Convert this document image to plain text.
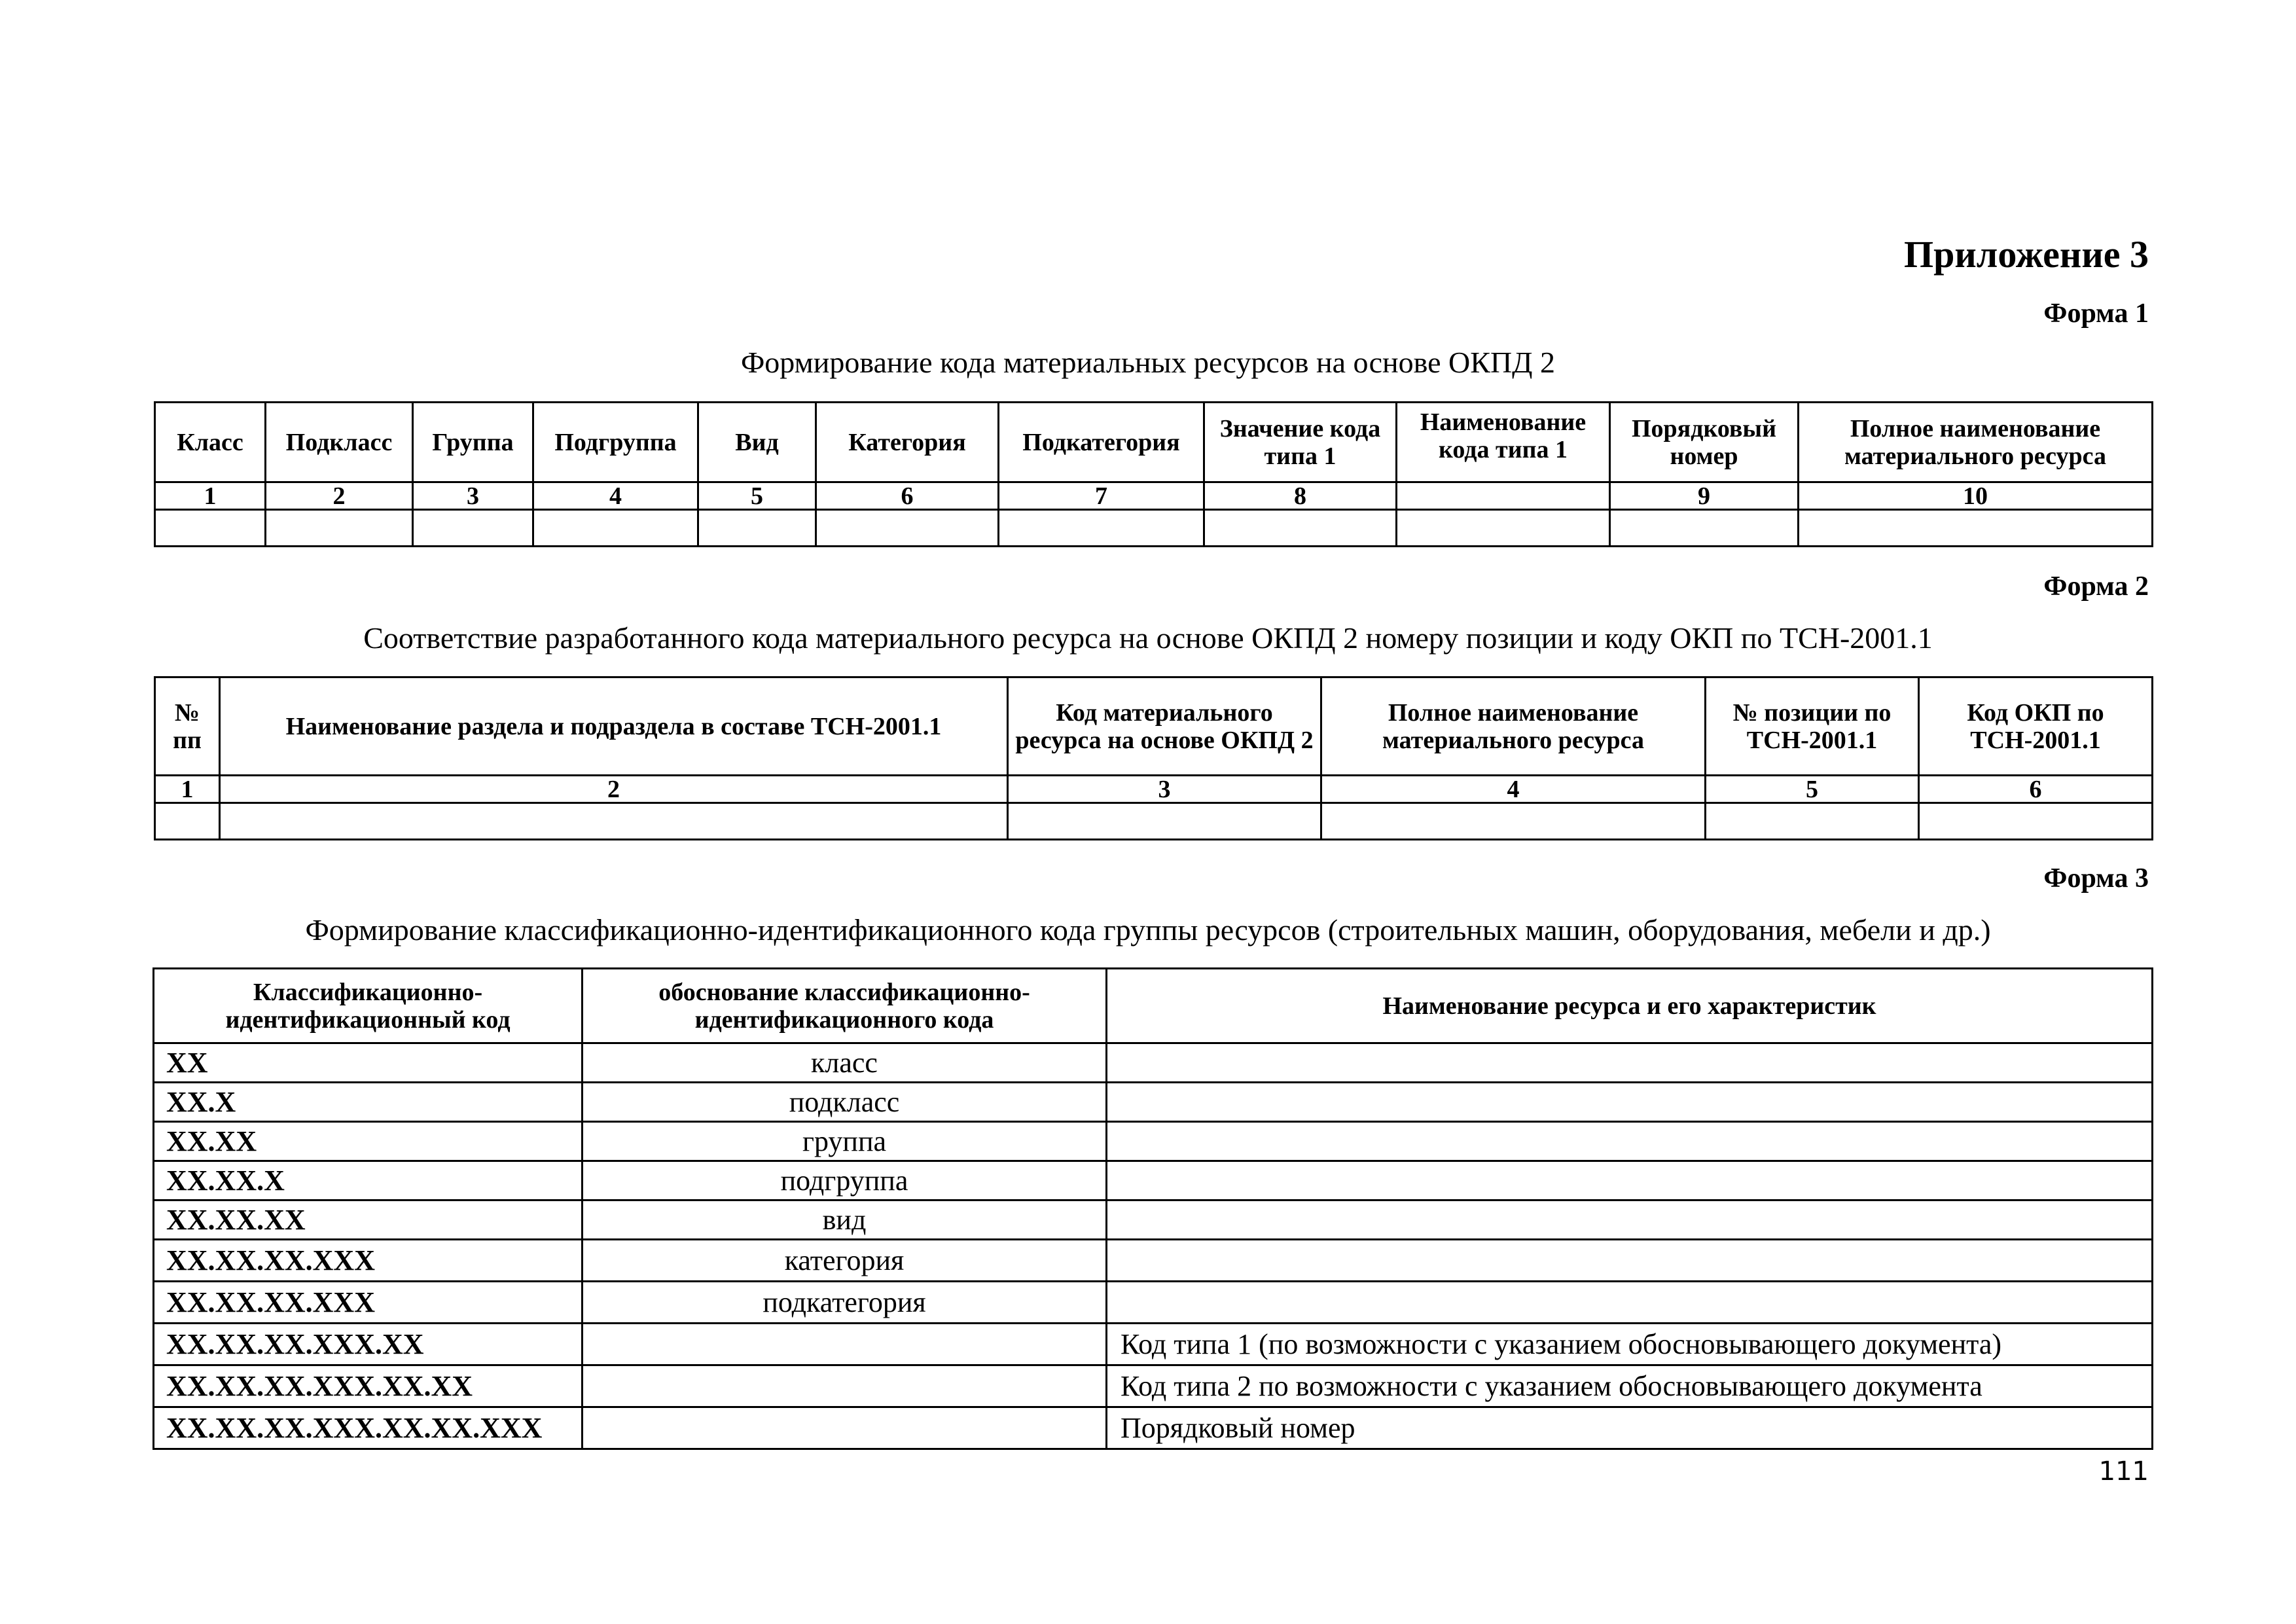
Приложение 3
Форма 1
Формирование кода материальных ресурсов на основе ОКПД 2
Класс	Подкласс	Группа	Подгруппа	Вид	Категория	Подкатегория	Значение кода типа 1	Наименование кода типа 1	Порядковый номер	Полное наименование материального ресурса
1	2	3	4	5	6	7	8		9	10

Форма 2
Соответствие разработанного кода материального ресурса на основе ОКПД 2 номеру позиции и коду ОКП по ТСН-2001.1
№ пп	Наименование раздела и подраздела в составе ТСН-2001.1	Код материального ресурса на основе ОКПД 2	Полное наименование материального ресурса	№ позиции по ТСН-2001.1	Код ОКП по ТСН-2001.1
1	2	3	4	5	6

Форма 3
Формирование классификационно-идентификационного кода группы ресурсов (строительных машин, оборудования, мебели и др.)
Классификационно-идентификационный код	обоснование классификационно-идентификационного кода	Наименование ресурса и его характеристик
XX	класс	
XX.X	подкласс	
XX.XX	группа	
XX.XX.X	подгруппа	
XX.XX.XX	вид	
XX.XX.XX.XXX	категория	
XX.XX.XX.XXX	подкатегория	
XX.XX.XX.XXX.XX		Код типа 1 (по возможности с указанием обосновывающего документа)
XX.XX.XX.XXX.XX.XX		Код типа 2 по возможности с указанием обосновывающего документа
XX.XX.XX.XXX.XX.XX.XXX		Порядковый номер
111
